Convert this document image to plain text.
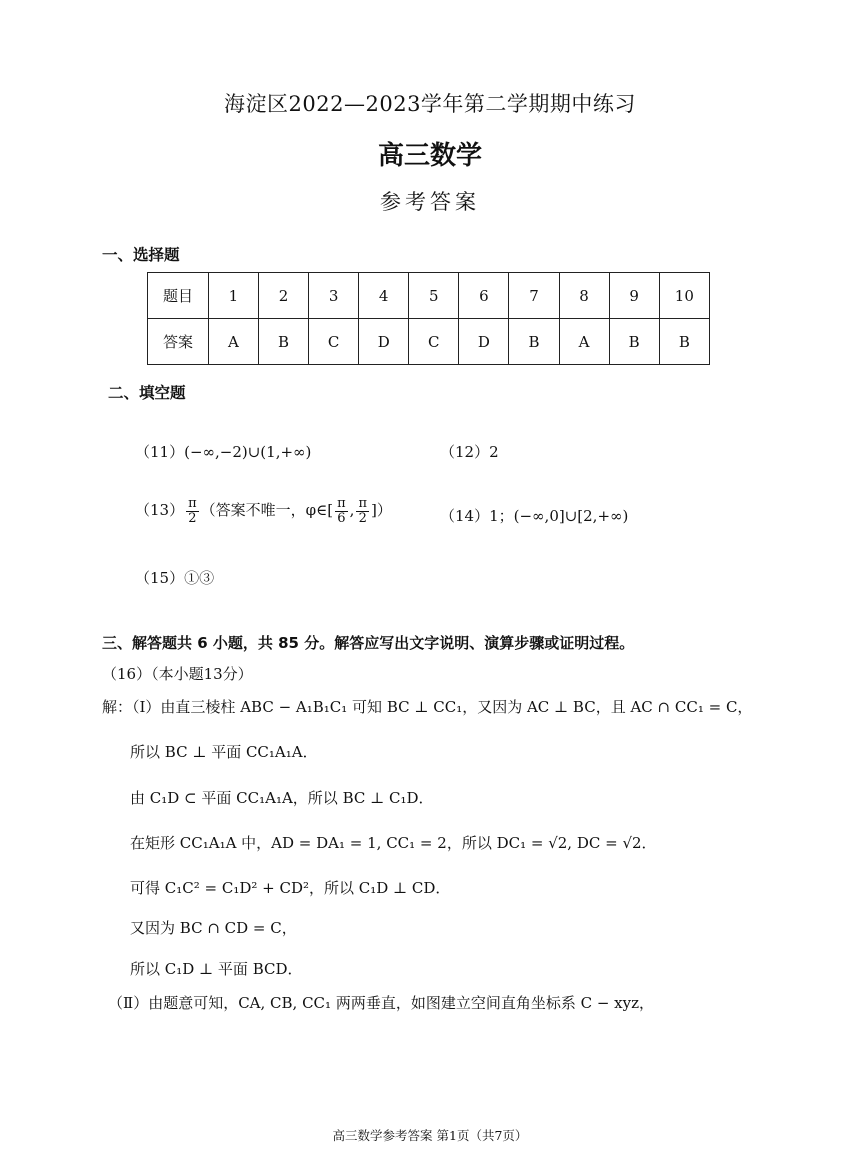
海淀区2022—2023学年第二学期期中练习
高三数学
参考答案
一、选择题
题目	1	2	3	4	5	6	7	8	9	10
答案	A	B	C	D	C	D	B	A	B	B
二、填空题
（11）(−∞,−2)∪(1,+∞)	（12）2
$(13) \frac{\pi}{2}$ （答案不唯一，φ∈[ $\frac{\pi}{6}$ , $\frac{\pi}{2}$ ]）	（14）1；(−∞,0]∪[2,+∞)
（15）①③
三、解答题共 6 小题，共 85 分。解答应写出文字说明、演算步骤或证明过程。
（16）（本小题13分）
解：（Ⅰ）由直三棱柱 ABC − A₁B₁C₁ 可知 BC ⊥ CC₁，又因为 AC ⊥ BC，且 AC ∩ CC₁ = C，
所以 BC ⊥ 平面 CC₁A₁A．
由 C₁D ⊂ 平面 CC₁A₁A，所以 BC ⊥ C₁D．
在矩形 CC₁A₁A 中，AD = DA₁ = 1, CC₁ = 2，所以 DC₁ = √2, DC = √2．
可得 C₁C² = C₁D² + CD²，所以 C₁D ⊥ CD．
又因为 BC ∩ CD = C，
所以 C₁D ⊥ 平面 BCD．
（Ⅱ）由题意可知，CA, CB, CC₁ 两两垂直，如图建立空间直角坐标系 C − xyz，
高三数学参考答案 第1页（共7页）
